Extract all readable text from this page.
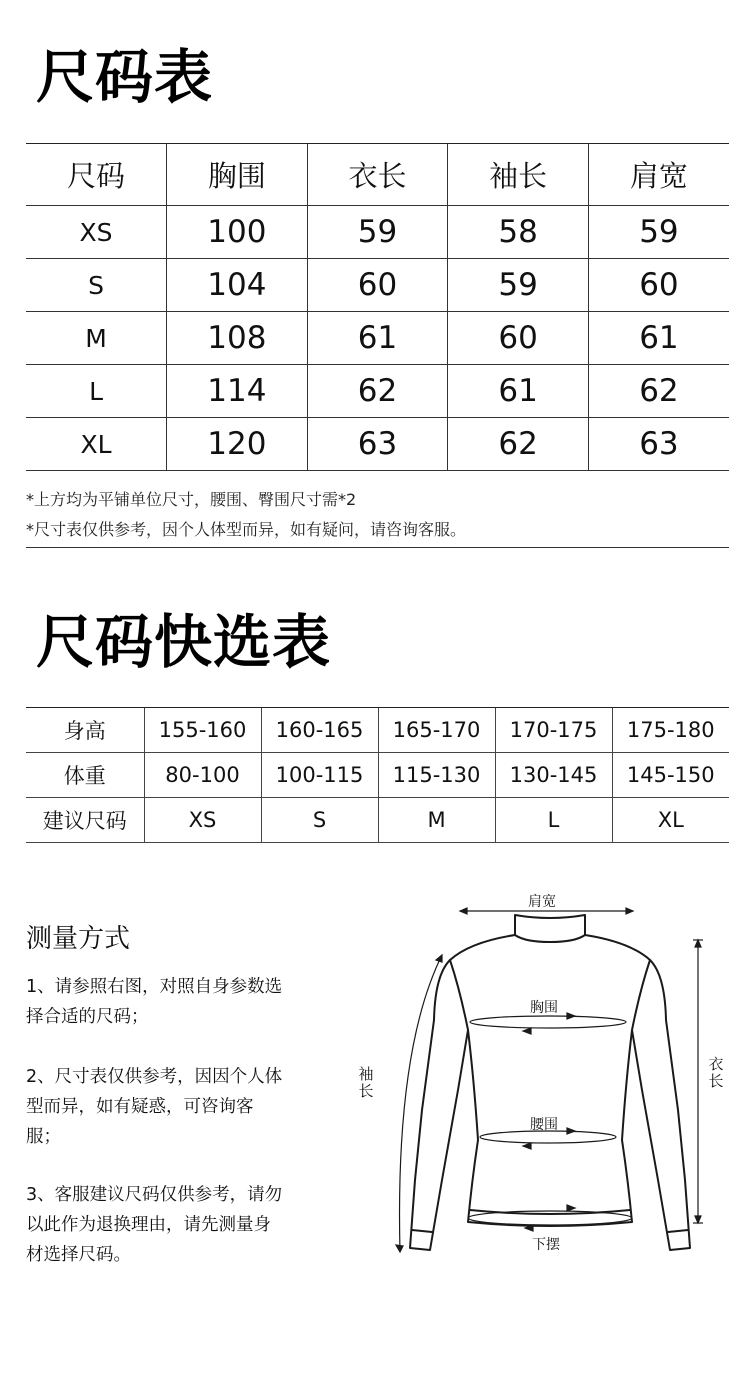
尺码表
尺码	胸围	衣长	袖长	肩宽
XS	100	59	58	59
S	104	60	59	60
M	108	61	60	61
L	114	62	61	62
XL	120	63	62	63
*上方均为平铺单位尺寸，腰围、臀围尺寸需*2
*尺寸表仅供参考，因个人体型而异，如有疑问，请咨询客服。
尺码快选表
身高	155-160	160-165	165-170	170-175	175-180
体重	80-100	100-115	115-130	130-145	145-150
建议尺码	XS	S	M	L	XL
测量方式
1、请参照右图，对照自身参数选择合适的尺码；
2、尺寸表仅供参考，因因个人体型而异，如有疑惑，可咨询客服；
3、客服建议尺码仅供参考，请勿以此作为退换理由，请先测量身材选择尺码。
肩宽
胸围
腰围
下摆
袖长
衣长
